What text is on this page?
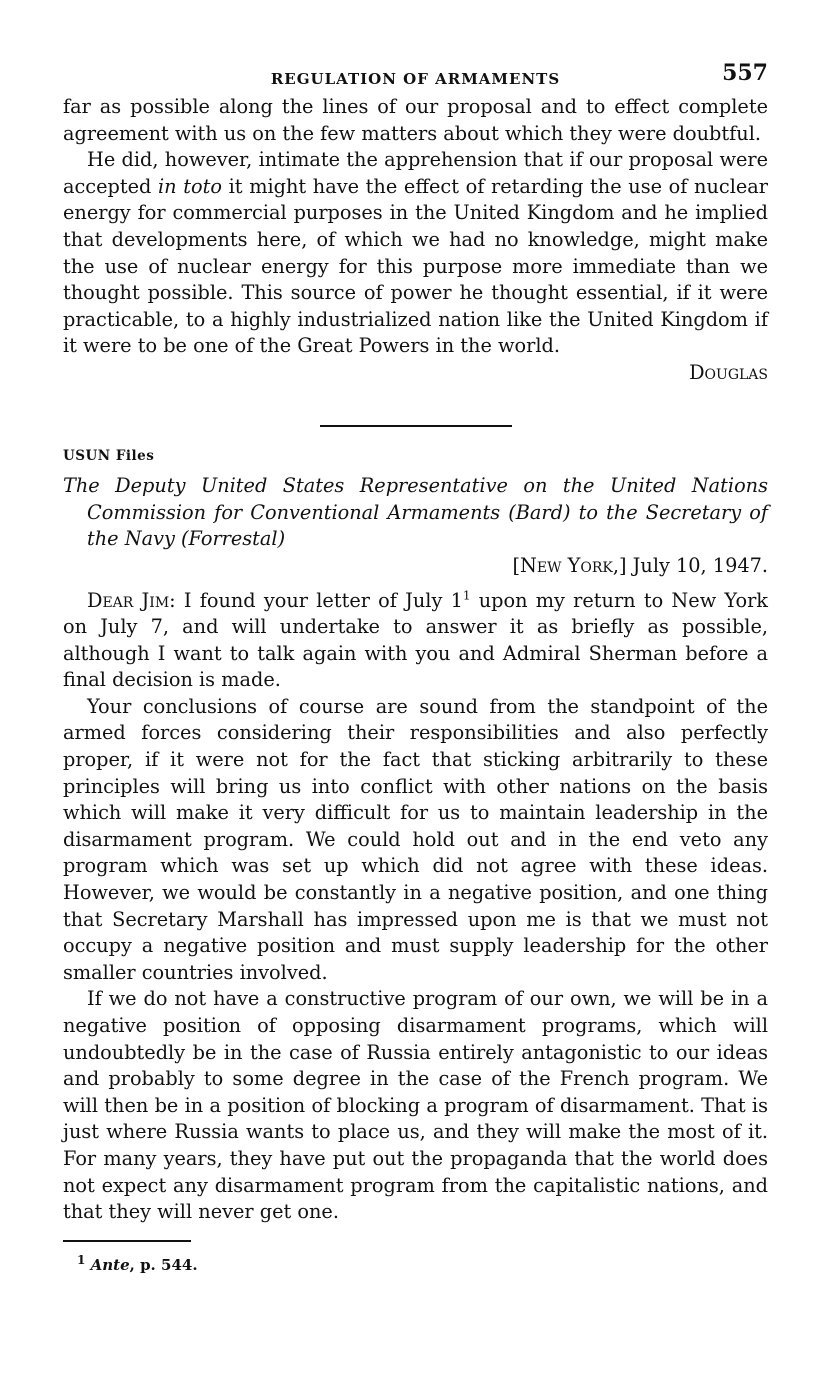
REGULATION OF ARMAMENTS	557

far as possible along the lines of our proposal and to effect complete agreement with us on the few matters about which they were doubtful.

He did, however, intimate the apprehension that if our proposal were accepted in toto it might have the effect of retarding the use of nuclear energy for commercial purposes in the United Kingdom and he implied that developments here, of which we had no knowledge, might make the use of nuclear energy for this purpose more immediate than we thought possible. This source of power he thought essential, if it were practicable, to a highly industrialized nation like the United Kingdom if it were to be one of the Great Powers in the world.

Douglas
USUN Files
The Deputy United States Representative on the United Nations Commission for Conventional Armaments (Bard) to the Secretary of the Navy (Forrestal)
[New York,] July 10, 1947.

Dear Jim: I found your letter of July 1$^1$ upon my return to New York on July 7, and will undertake to answer it as briefly as possible, although I want to talk again with you and Admiral Sherman before a final decision is made.

Your conclusions of course are sound from the standpoint of the armed forces considering their responsibilities and also perfectly proper, if it were not for the fact that sticking arbitrarily to these principles will bring us into conflict with other nations on the basis which will make it very difficult for us to maintain leadership in the disarmament program. We could hold out and in the end veto any program which was set up which did not agree with these ideas. However, we would be constantly in a negative position, and one thing that Secretary Marshall has impressed upon me is that we must not occupy a negative position and must supply leadership for the other smaller countries involved.

If we do not have a constructive program of our own, we will be in a negative position of opposing disarmament programs, which will undoubtedly be in the case of Russia entirely antagonistic to our ideas and probably to some degree in the case of the French program. We will then be in a position of blocking a program of disarmament. That is just where Russia wants to place us, and they will make the most of it. For many years, they have put out the propaganda that the world does not expect any disarmament program from the capitalistic nations, and that they will never get one.

$^1$ Ante, p. 544.
